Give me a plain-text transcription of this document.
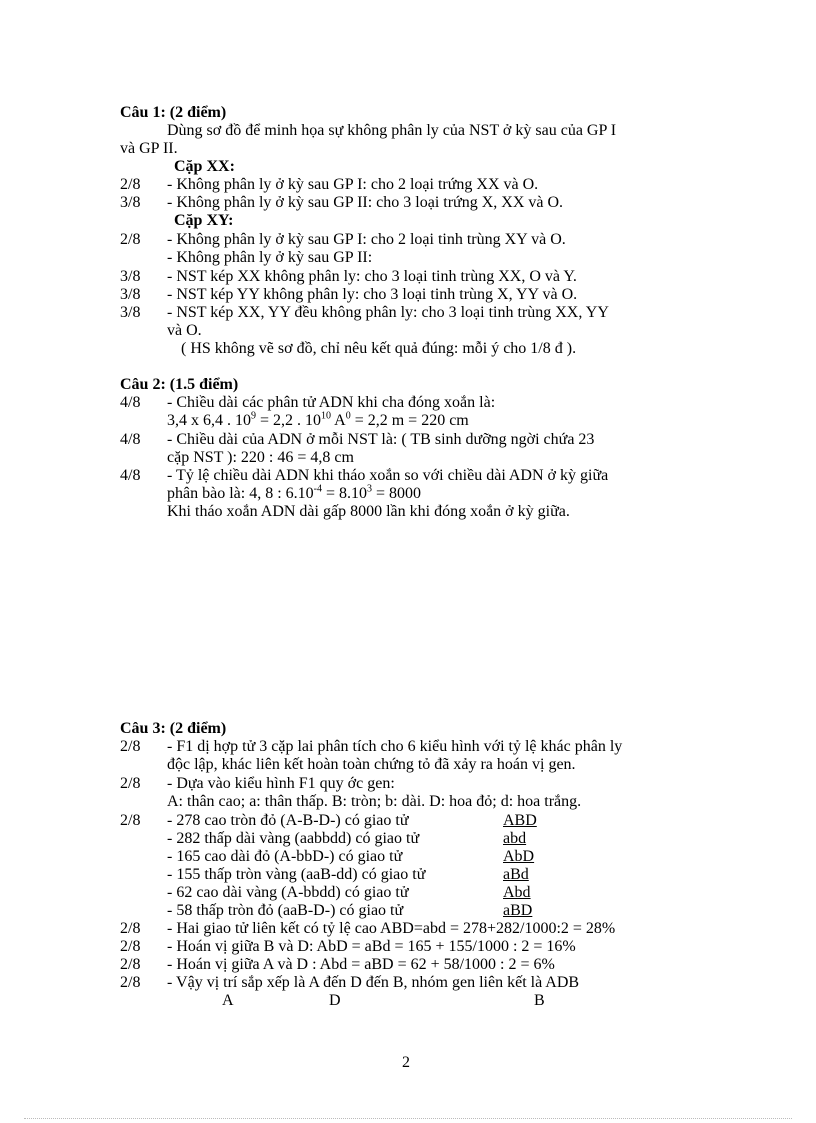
Câu 1: (2 điểm)
Dùng sơ đồ để minh họa sự không phân ly của NST ở kỳ sau của GP I
và GP II.
Cặp XX:
2/8 - Không phân ly ở kỳ sau GP I: cho 2 loại trứng XX và O.
3/8 - Không phân ly ở kỳ sau GP II: cho 3 loại trứng X, XX và O.
Cặp XY:
2/8 - Không phân ly ở kỳ sau GP I: cho 2 loại tinh trùng XY và O.
- Không phân ly ở kỳ sau GP II:
3/8 - NST kép XX không phân ly: cho 3 loại tinh trùng XX, O và Y.
3/8 - NST kép YY không phân ly: cho 3 loại tinh trùng X, YY và O.
3/8 - NST kép XX, YY đều không phân ly: cho 3 loại tinh trùng XX, YY
và O.
( HS không vẽ sơ đồ, chỉ nêu kết quả đúng: mỗi ý cho 1/8 đ ).
Câu 2: (1.5 điểm)
4/8 - Chiều dài các phân tử ADN khi cha đóng xoắn là:
3,4 x 6,4 . $10^9 = 2,2$ . $10^{10}$ $A^0 = 2,2$ m = 220 cm
4/8 - Chiều dài của ADN ở mỗi NST là: ( TB sinh dưỡng ngời chứa 23
cặp NST ): 220 : 46 = 4,8 cm
4/8 - Tỷ lệ chiều dài ADN khi tháo xoắn so với chiều dài ADN ở kỳ giữa
phân bào là: 4, 8 : $6.10^{-4} = 8.10^3 = 8000$
Khi tháo xoắn ADN dài gấp 8000 lần khi đóng xoắn ở kỳ giữa.
Câu 3: (2 điểm)
2/8 - F1 dị hợp tử 3 cặp lai phân tích cho 6 kiểu hình với tỷ lệ khác phân ly
độc lập, khác liên kết hoàn toàn chứng tỏ đã xảy ra hoán vị gen.
2/8 - Dựa vào kiểu hình F1 quy ớc gen:
A: thân cao; a: thân thấp. B: tròn; b: dài. D: hoa đỏ; d: hoa trắng.
2/8 - 278 cao tròn đỏ (A-B-D-) có giao tử	ABD
- 282 thấp dài vàng (aabbdd) có giao tử	abd
- 165 cao dài đỏ (A-bbD-) có giao tử	AbD
- 155 thấp tròn vàng (aaB-dd) có giao tử	aBd
- 62 cao dài vàng (A-bbdd) có giao tử	Abd
- 58 thấp tròn đỏ (aaB-D-) có giao tử	aBD
2/8 - Hai giao tử liên kết có tỷ lệ cao ABD=abd = 278+282/1000:2 = 28%
2/8 - Hoán vị giữa B và D: AbD = aBd = 165 + 155/1000 : 2 = 16%
2/8 - Hoán vị giữa A và D : Abd = aBD = 62 + 58/1000 : 2 = 6%
2/8 - Vậy vị trí sắp xếp là A đến D đến B, nhóm gen liên kết là ADB
A	D	B
2
